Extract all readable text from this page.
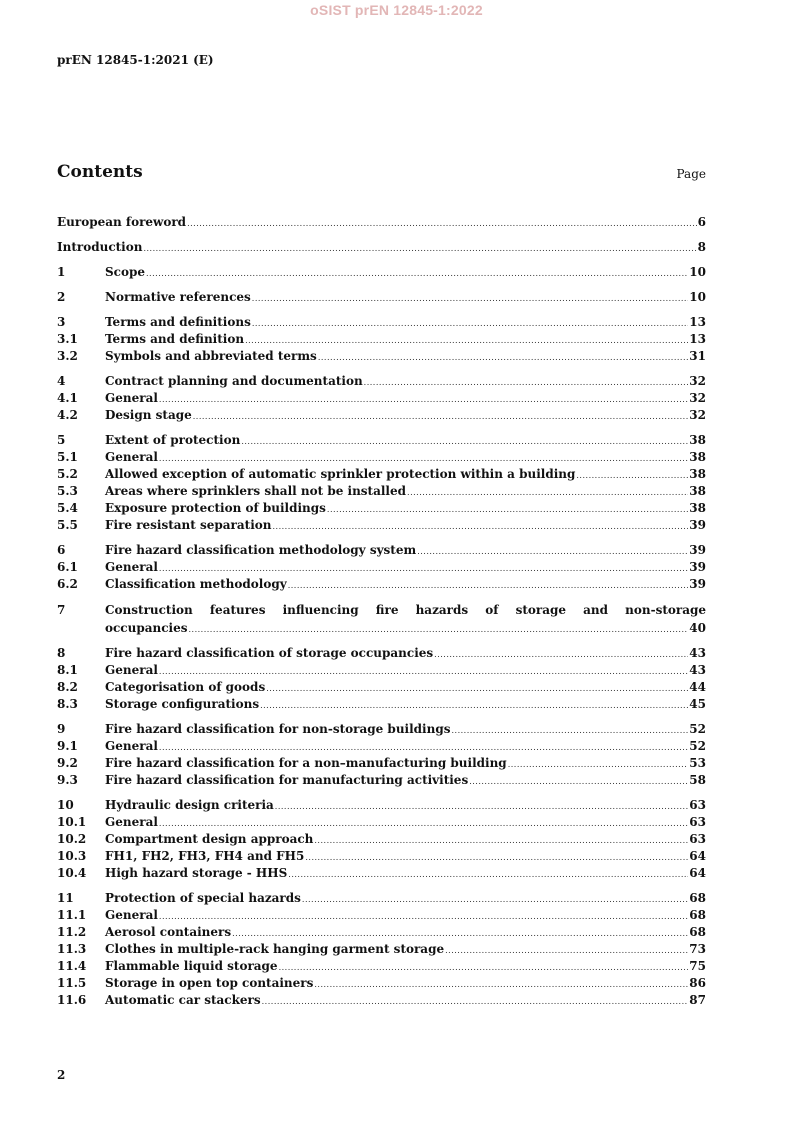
oSIST prEN 12845-1:2022
prEN 12845-1:2021 (E)
Contents	Page
European foreword .....	6
Introduction .....	8
1	Scope .....	10
2	Normative references .....	10
3	Terms and definitions .....	13
3.1	Terms and definition .....	13
3.2	Symbols and abbreviated terms .....	31
4	Contract planning and documentation .....	32
4.1	General .....	32
4.2	Design stage .....	32
5	Extent of protection .....	38
5.1	General .....	38
5.2	Allowed exception of automatic sprinkler protection within a building .....	38
5.3	Areas where sprinklers shall not be installed .....	38
5.4	Exposure protection of buildings .....	38
5.5	Fire resistant separation .....	39
6	Fire hazard classification methodology system .....	39
6.1	General .....	39
6.2	Classification methodology .....	39
7	Construction features influencing fire hazards of storage and non-storage
occupancies .....	40
8	Fire hazard classification of storage occupancies .....	43
8.1	General .....	43
8.2	Categorisation of goods .....	44
8.3	Storage configurations .....	45
9	Fire hazard classification for non-storage buildings .....	52
9.1	General .....	52
9.2	Fire hazard classification for a non–manufacturing building .....	53
9.3	Fire hazard classification for manufacturing activities .....	58
10	Hydraulic design criteria .....	63
10.1	General .....	63
10.2	Compartment design approach .....	63
10.3	FH1, FH2, FH3, FH4 and FH5 .....	64
10.4	High hazard storage - HHS .....	64
11	Protection of special hazards .....	68
11.1	General .....	68
11.2	Aerosol containers .....	68
11.3	Clothes in multiple-rack hanging garment storage .....	73
11.4	Flammable liquid storage .....	75
11.5	Storage in open top containers .....	86
11.6	Automatic car stackers .....	87
2
